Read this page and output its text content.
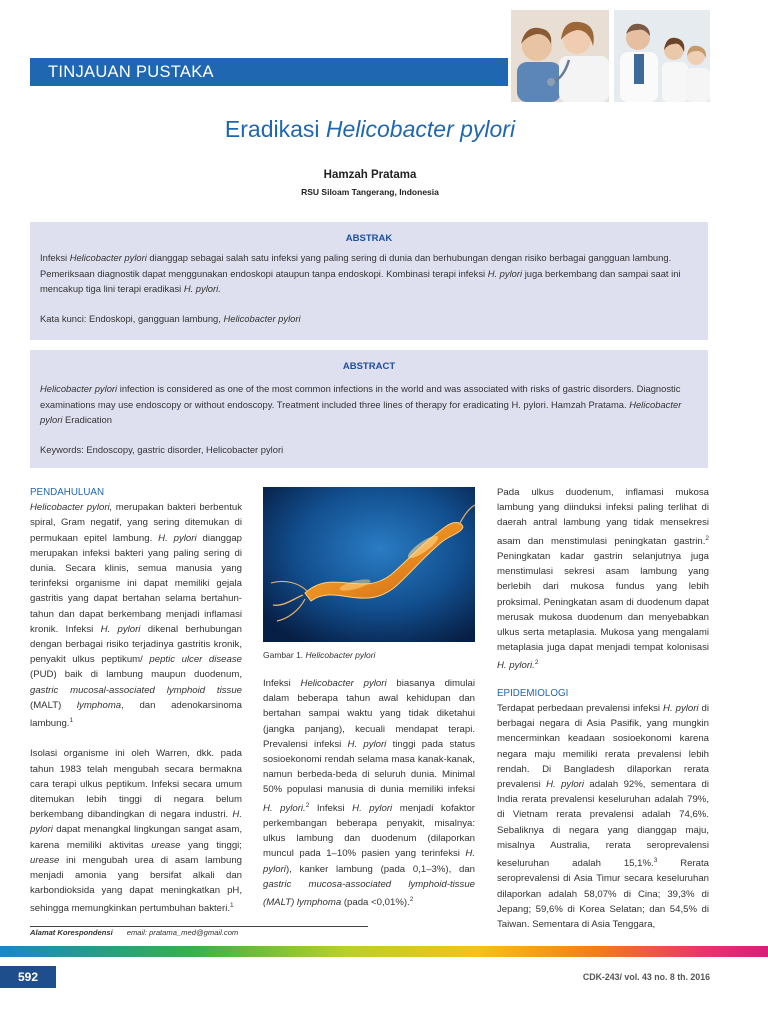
TINJAUAN PUSTAKA
Eradikasi Helicobacter pylori
Hamzah Pratama
RSU Siloam Tangerang, Indonesia
ABSTRAK
Infeksi Helicobacter pylori dianggap sebagai salah satu infeksi yang paling sering di dunia dan berhubungan dengan risiko berbagai gangguan lambung. Pemeriksaan diagnostik dapat menggunakan endoskopi ataupun tanpa endoskopi. Kombinasi terapi infeksi H. pylori juga berkembang dan sampai saat ini mencakup tiga lini terapi eradikasi H. pylori.
Kata kunci: Endoskopi, gangguan lambung, Helicobacter pylori
ABSTRACT
Helicobacter pylori infection is considered as one of the most common infections in the world and was associated with risks of gastric disorders. Diagnostic examinations may use endoscopy or without endoscopy. Treatment included three lines of therapy for eradicating H. pylori. Hamzah Pratama. Helicobacter pylori Eradication
Keywords: Endoscopy, gastric disorder, Helicobacter pylori
PENDAHULUAN

Helicobacter pylori, merupakan bakteri berbentuk spiral, Gram negatif, yang sering ditemukan di permukaan epitel lambung. H. pylori dianggap merupakan infeksi bakteri yang paling sering di dunia. Secara klinis, semua manusia yang terinfeksi organisme ini dapat memiliki gejala gastritis yang dapat bertahan selama bertahun-tahun dan dapat berkembang menjadi inflamasi kronik. Infeksi H. pylori dikenal berhubungan dengan berbagai risiko terjadinya gastritis kronik, penyakit ulkus peptikum/ peptic ulcer disease (PUD) baik di lambung maupun duodenum, gastric mucosal-associated lymphoid tissue (MALT) lymphoma, dan adenokarsinoma lambung.$^1$

Isolasi organisme ini oleh Warren, dkk. pada tahun 1983 telah mengubah secara bermakna cara terapi ulkus peptikum. Infeksi secara umum ditemukan lebih tinggi di negara belum berkembang dibandingkan di negara industri. H. pylori dapat menangkal lingkungan sangat asam, karena memiliki aktivitas urease yang tinggi; urease ini mengubah urea di asam lambung menjadi amonia yang bersifat alkali dan karbondioksida yang dapat meningkatkan pH, sehingga memungkinkan pertumbuhan bakteri.$^1$

Gambar 1. Helicobacter pylori

Infeksi Helicobacter pylori biasanya dimulai dalam beberapa tahun awal kehidupan dan bertahan sampai waktu yang tidak diketahui (jangka panjang), kecuali mendapat terapi. Prevalensi infeksi H. pylori tinggi pada status sosioekonomi rendah selama masa kanak-kanak, namun berbeda-beda di seluruh dunia. Minimal 50% populasi manusia di dunia memiliki infeksi H. pylori.$^2$ Infeksi H. pylori menjadi kofaktor perkembangan beberapa penyakit, misalnya: ulkus lambung dan duodenum (dilaporkan muncul pada 1–10% pasien yang terinfeksi H. pylori), kanker lambung (pada 0,1–3%), dan gastric mucosa-associated lymphoid-tissue (MALT) lymphoma (pada <0,01%).$^2$

Pada ulkus duodenum, inflamasi mukosa lambung yang diinduksi infeksi paling terlihat di daerah antral lambung yang tidak mensekresi asam dan menstimulasi peningkatan gastrin.$^2$ Peningkatan kadar gastrin selanjutnya juga menstimulasi sekresi asam lambung yang berlebih dari mukosa fundus yang lebih proksimal. Peningkatan asam di duodenum dapat merusak mukosa duodenum dan menyebabkan ulkus serta metaplasia. Mukosa yang mengalami metaplasia juga dapat menjadi tempat kolonisasi H. pylori.$^2$

EPIDEMIOLOGI

Terdapat perbedaan prevalensi infeksi H. pylori di berbagai negara di Asia Pasifik, yang mungkin mencerminkan keadaan sosioekonomi karena negara maju memiliki rerata prevalensi lebih rendah. Di Bangladesh dilaporkan rerata prevalensi H. pylori adalah 92%, sementara di India rerata prevalensi keseluruhan adalah 79%, di Vietnam rerata prevalensi adalah 74,6%. Sebaliknya di negara yang dianggap maju, misalnya Australia, rerata seroprevalensi keseluruhan adalah 15,1%.$^3$ Rerata seroprevalensi di Asia Timur secara keseluruhan dilaporkan adalah 58,07% di Cina; 39,3% di Jepang; 59,6% di Korea Selatan; dan 54,5% di Taiwan. Sementara di Asia Tenggara,

Alamat Korespondensi email: pratama_med@gmail.com
592	CDK-243/ vol. 43 no. 8 th. 2016
